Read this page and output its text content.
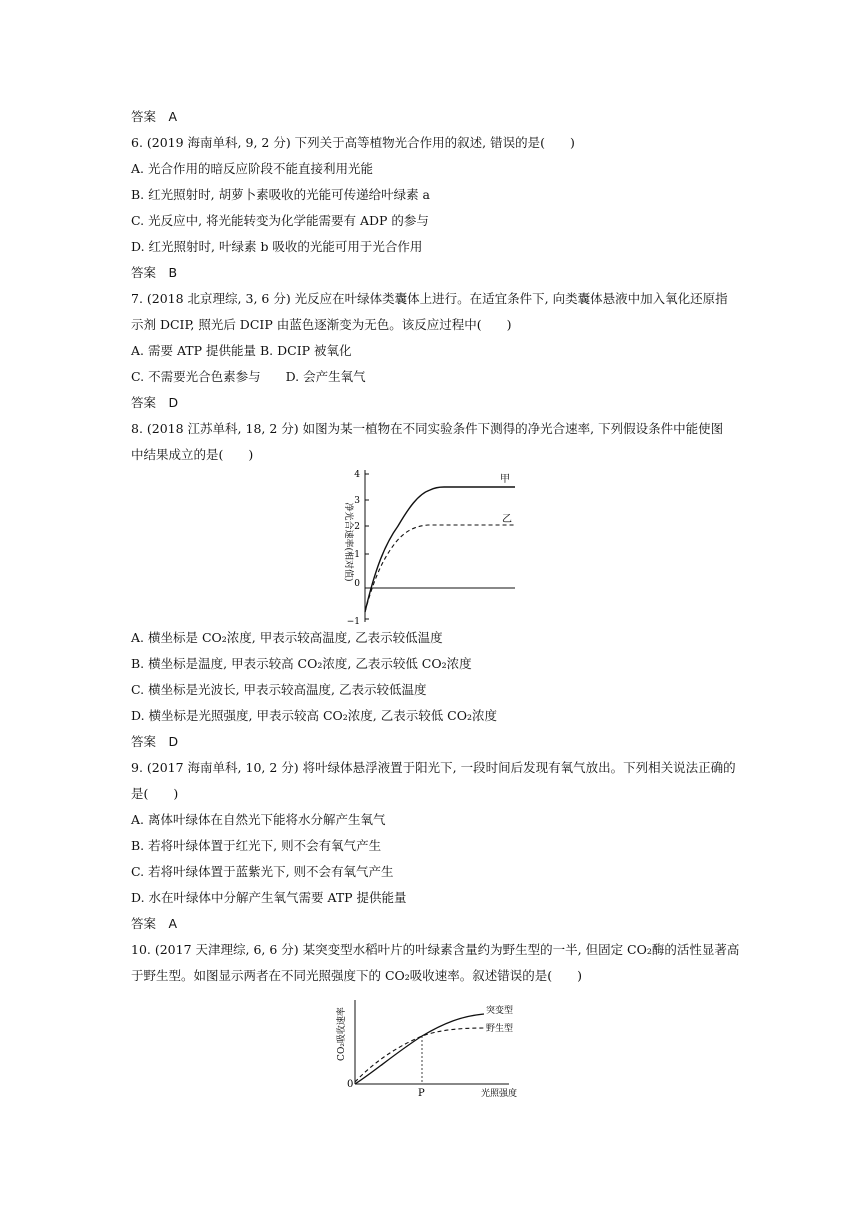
答案　A
6. (2019 海南单科, 9, 2 分) 下列关于高等植物光合作用的叙述, 错误的是(　　)
A. 光合作用的暗反应阶段不能直接利用光能
B. 红光照射时, 胡萝卜素吸收的光能可传递给叶绿素 a
C. 光反应中, 将光能转变为化学能需要有 ADP 的参与
D. 红光照射时, 叶绿素 b 吸收的光能可用于光合作用
答案　B
7. (2018 北京理综, 3, 6 分) 光反应在叶绿体类囊体上进行。在适宜条件下, 向类囊体悬液中加入氧化还原指
示剂 DCIP, 照光后 DCIP 由蓝色逐渐变为无色。该反应过程中(　　)
A. 需要 ATP 提供能量 B. DCIP 被氧化
C. 不需要光合色素参与　　D. 会产生氧气
答案　D
8. (2018 江苏单科, 18, 2 分) 如图为某一植物在不同实验条件下测得的净光合速率, 下列假设条件中能使图
中结果成立的是(　　)
净光合速率(相对值)
4
3
2
1
0
−1
甲
乙
A. 横坐标是 CO₂浓度, 甲表示较高温度, 乙表示较低温度
B. 横坐标是温度, 甲表示较高 CO₂浓度, 乙表示较低 CO₂浓度
C. 横坐标是光波长, 甲表示较高温度, 乙表示较低温度
D. 横坐标是光照强度, 甲表示较高 CO₂浓度, 乙表示较低 CO₂浓度
答案　D
9. (2017 海南单科, 10, 2 分) 将叶绿体悬浮液置于阳光下, 一段时间后发现有氧气放出。下列相关说法正确的
是(　　)
A. 离体叶绿体在自然光下能将水分解产生氧气
B. 若将叶绿体置于红光下, 则不会有氧气产生
C. 若将叶绿体置于蓝紫光下, 则不会有氧气产生
D. 水在叶绿体中分解产生氧气需要 ATP 提供能量
答案　A
10. (2017 天津理综, 6, 6 分) 某突变型水稻叶片的叶绿素含量约为野生型的一半, 但固定 CO₂酶的活性显著高
于野生型。如图显示两者在不同光照强度下的 CO₂吸收速率。叙述错误的是(　　)
CO₂吸收速率
0
P	光照强度
突变型
野生型
